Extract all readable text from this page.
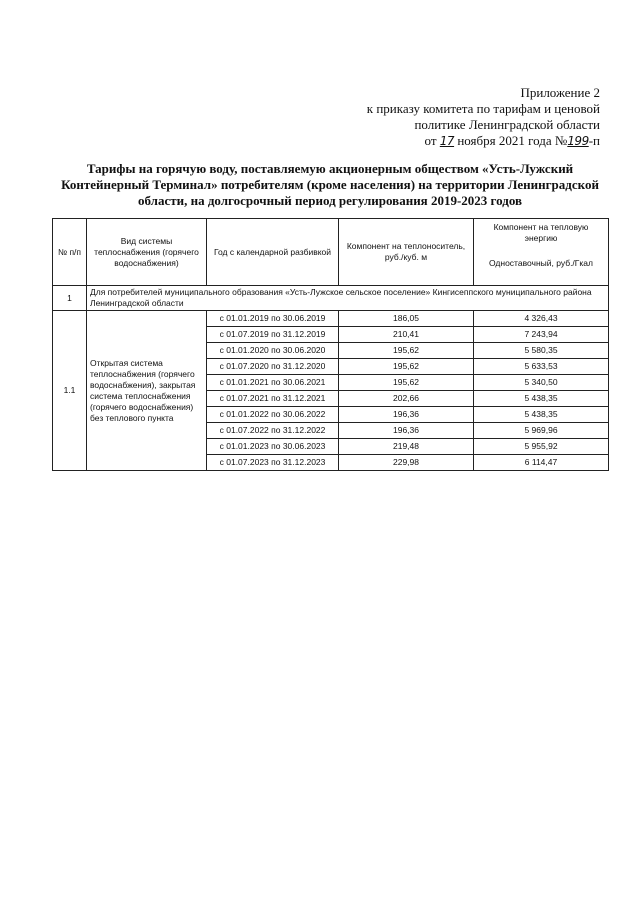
Приложение 2
к приказу комитета по тарифам и ценовой
политике Ленинградской области
от 17 ноября 2021 года №199-п
Тарифы на горячую воду, поставляемую акционерным обществом «Усть-Лужский Контейнерный Терминал» потребителям (кроме населения) на территории Ленинградской области, на долгосрочный период регулирования 2019-2023 годов
№ п/п	Вид системы теплоснабжения (горячего водоснабжения)	Год с календарной разбивкой	Компонент на теплоноситель, руб./куб. м	Компонент на тепловую энергию
Одноставочный, руб./Гкал

1	Для потребителей муниципального образования «Усть-Лужское сельское поселение» Кингисеппского муниципального района Ленинградской области			
1.1	Открытая система теплоснабжения (горячего водоснабжения), закрытая система теплоснабжения (горячего водоснабжения) без теплового пункта	с 01.01.2019 по 30.06.2019	186,05	4 326,43
		с 01.07.2019 по 31.12.2019	210,41	7 243,94
		с 01.01.2020 по 30.06.2020	195,62	5 580,35
		с 01.07.2020 по 31.12.2020	195,62	5 633,53
		с 01.01.2021 по 30.06.2021	195,62	5 340,50
		с 01.07.2021 по 31.12.2021	202,66	5 438,35
		с 01.01.2022 по 30.06.2022	196,36	5 438,35
		с 01.07.2022 по 31.12.2022	196,36	5 969,96
		с 01.01.2023 по 30.06.2023	219,48	5 955,92
		с 01.07.2023 по 31.12.2023	229,98	6 114,47
